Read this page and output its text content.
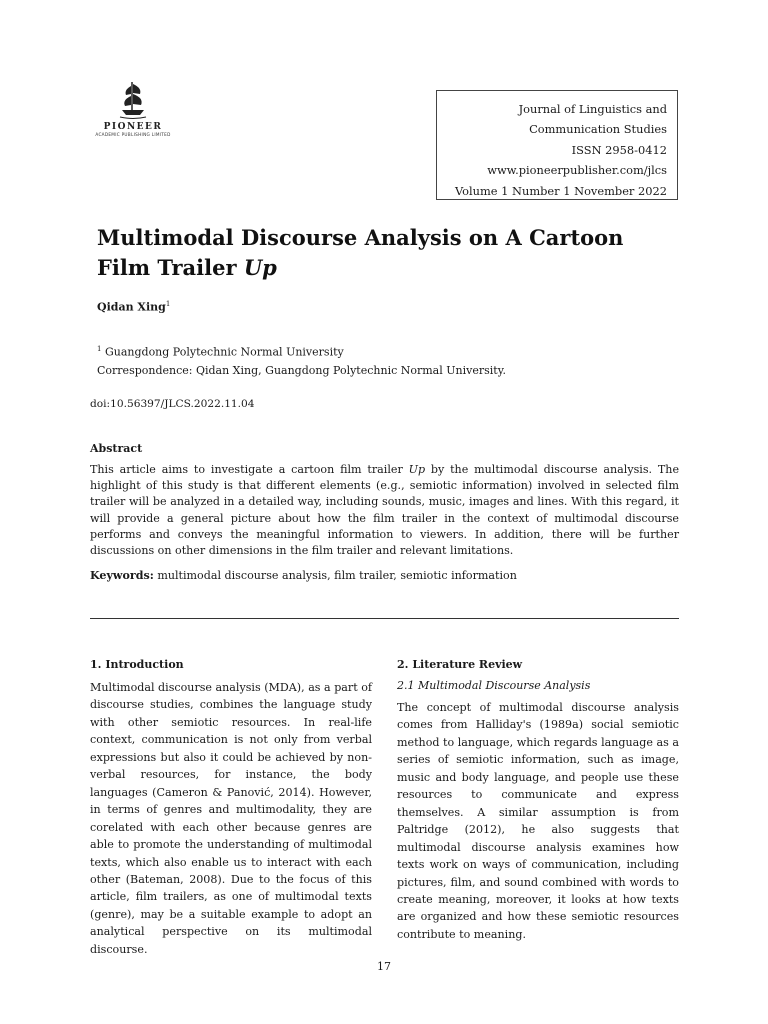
PIONEER
ACADEMIC PUBLISHING LIMITED
Journal of Linguistics and
Communication Studies
ISSN 2958-0412
www.pioneerpublisher.com/jlcs
Volume 1 Number 1 November 2022
Multimodal Discourse Analysis on A Cartoon Film Trailer Up
Qidan Xing$^1$
$^1$ Guangdong Polytechnic Normal University
Correspondence: Qidan Xing, Guangdong Polytechnic Normal University.
doi:10.56397/JLCS.2022.11.04
Abstract
This article aims to investigate a cartoon film trailer Up by the multimodal discourse analysis. The highlight of this study is that different elements (e.g., semiotic information) involved in selected film trailer will be analyzed in a detailed way, including sounds, music, images and lines. With this regard, it will provide a general picture about how the film trailer in the context of multimodal discourse performs and conveys the meaningful information to viewers. In addition, there will be further discussions on other dimensions in the film trailer and relevant limitations.
Keywords: multimodal discourse analysis, film trailer, semiotic information
1. Introduction
Multimodal discourse analysis (MDA), as a part of discourse studies, combines the language study with other semiotic resources. In real-life context, communication is not only from verbal expressions but also it could be achieved by non-verbal resources, for instance, the body languages (Cameron & Panović, 2014). However, in terms of genres and multimodality, they are corelated with each other because genres are able to promote the understanding of multimodal texts, which also enable us to interact with each other (Bateman, 2008). Due to the focus of this article, film trailers, as one of multimodal texts (genre), may be a suitable example to adopt an analytical perspective on its multimodal discourse.
2. Literature Review
2.1 Multimodal Discourse Analysis
The concept of multimodal discourse analysis comes from Halliday's (1989a) social semiotic method to language, which regards language as a series of semiotic information, such as image, music and body language, and people use these resources to communicate and express themselves. A similar assumption is from Paltridge (2012), he also suggests that multimodal discourse analysis examines how texts work on ways of communication, including pictures, film, and sound combined with words to create meaning, moreover, it looks at how texts are organized and how these semiotic resources contribute to meaning.
17
